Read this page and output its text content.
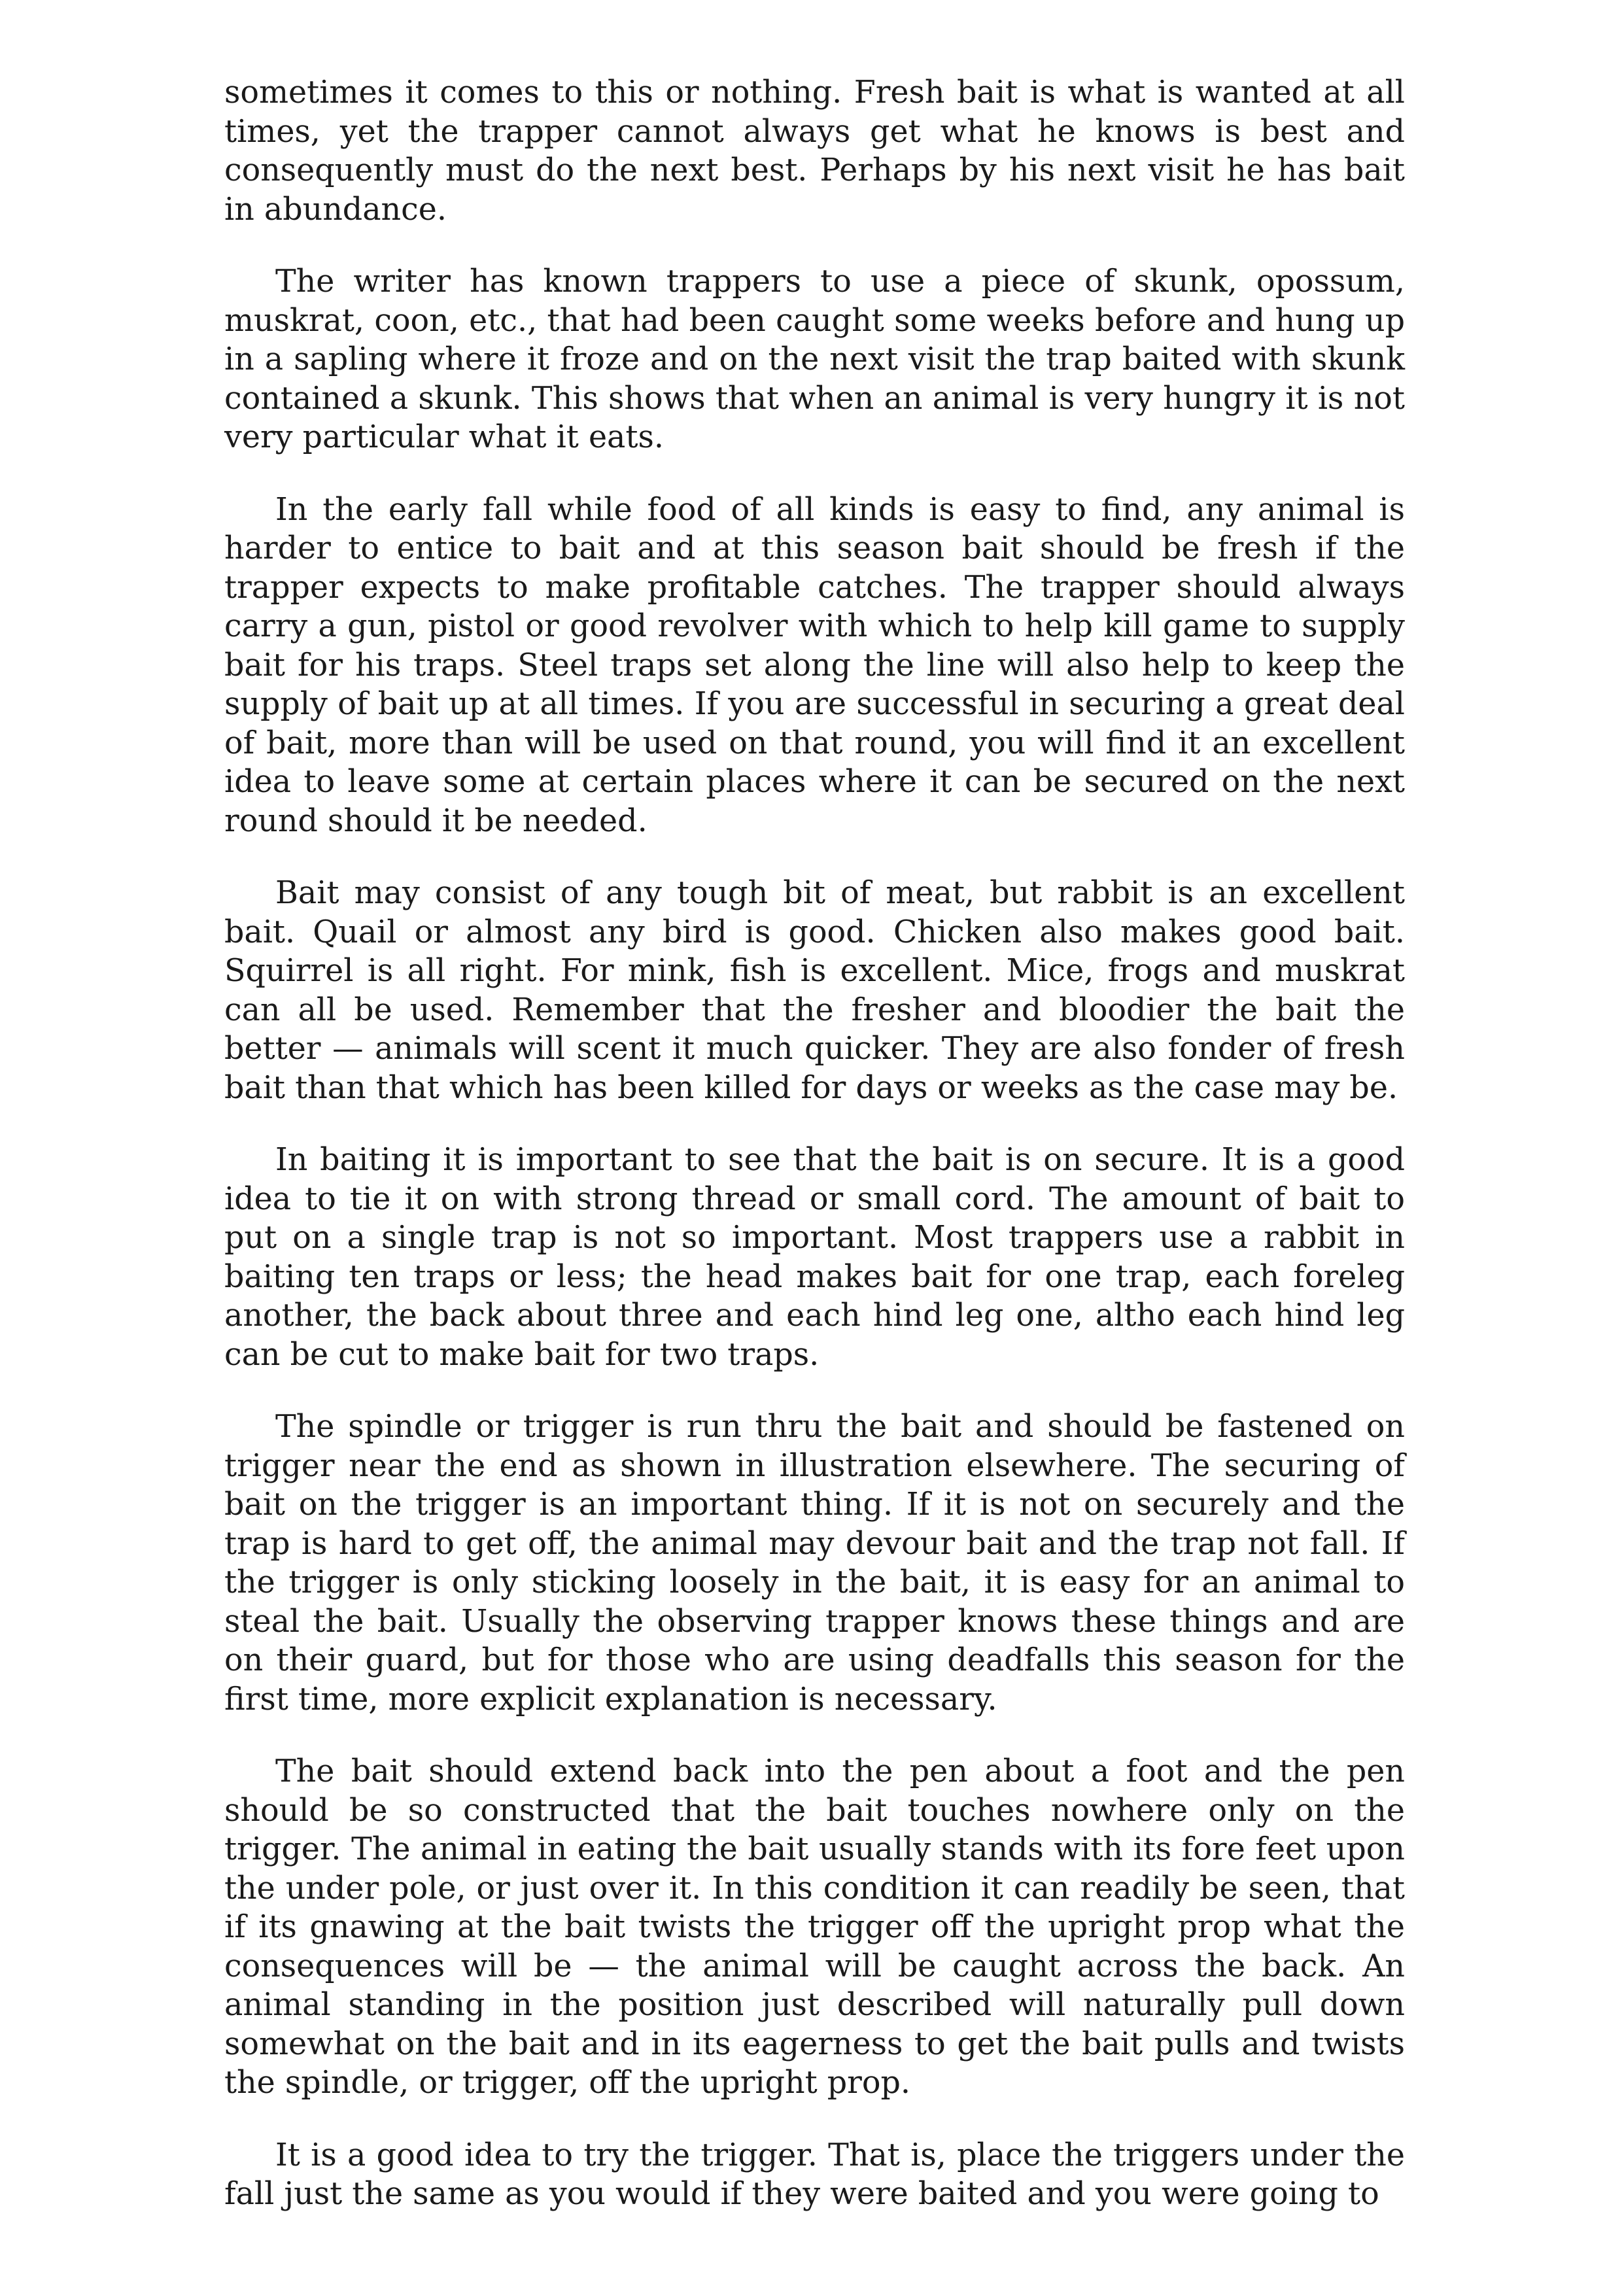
sometimes it comes to this or nothing. Fresh bait is what is wanted at all times, yet the trapper cannot always get what he knows is best and consequently must do the next best. Perhaps by his next visit he has bait in abundance.

The writer has known trappers to use a piece of skunk, opossum, muskrat, coon, etc., that had been caught some weeks before and hung up in a sapling where it froze and on the next visit the trap baited with skunk contained a skunk. This shows that when an animal is very hungry it is not very particular what it eats.

In the early fall while food of all kinds is easy to find, any animal is harder to entice to bait and at this season bait should be fresh if the trapper expects to make profitable catches. The trapper should always carry a gun, pistol or good revolver with which to help kill game to supply bait for his traps. Steel traps set along the line will also help to keep the supply of bait up at all times. If you are successful in securing a great deal of bait, more than will be used on that round, you will find it an excellent idea to leave some at certain places where it can be secured on the next round should it be needed.

Bait may consist of any tough bit of meat, but rabbit is an excellent bait. Quail or almost any bird is good. Chicken also makes good bait. Squirrel is all right. For mink, fish is excellent. Mice, frogs and muskrat can all be used. Remember that the fresher and bloodier the bait the better — animals will scent it much quicker. They are also fonder of fresh bait than that which has been killed for days or weeks as the case may be.

In baiting it is important to see that the bait is on secure. It is a good idea to tie it on with strong thread or small cord. The amount of bait to put on a single trap is not so important. Most trappers use a rabbit in baiting ten traps or less; the head makes bait for one trap, each foreleg another, the back about three and each hind leg one, altho each hind leg can be cut to make bait for two traps.

The spindle or trigger is run thru the bait and should be fastened on trigger near the end as shown in illustration elsewhere. The securing of bait on the trigger is an important thing. If it is not on securely and the trap is hard to get off, the animal may devour bait and the trap not fall. If the trigger is only sticking loosely in the bait, it is easy for an animal to steal the bait. Usually the observing trapper knows these things and are on their guard, but for those who are using deadfalls this season for the first time, more explicit explanation is necessary.

The bait should extend back into the pen about a foot and the pen should be so constructed that the bait touches nowhere only on the trigger. The animal in eating the bait usually stands with its fore feet upon the under pole, or just over it. In this condition it can readily be seen, that if its gnawing at the bait twists the trigger off the upright prop what the consequences will be — the animal will be caught across the back. An animal standing in the position just described will naturally pull down somewhat on the bait and in its eagerness to get the bait pulls and twists the spindle, or trigger, off the upright prop.

It is a good idea to try the trigger. That is, place the triggers under the fall just the same as you would if they were baited and you were going to
